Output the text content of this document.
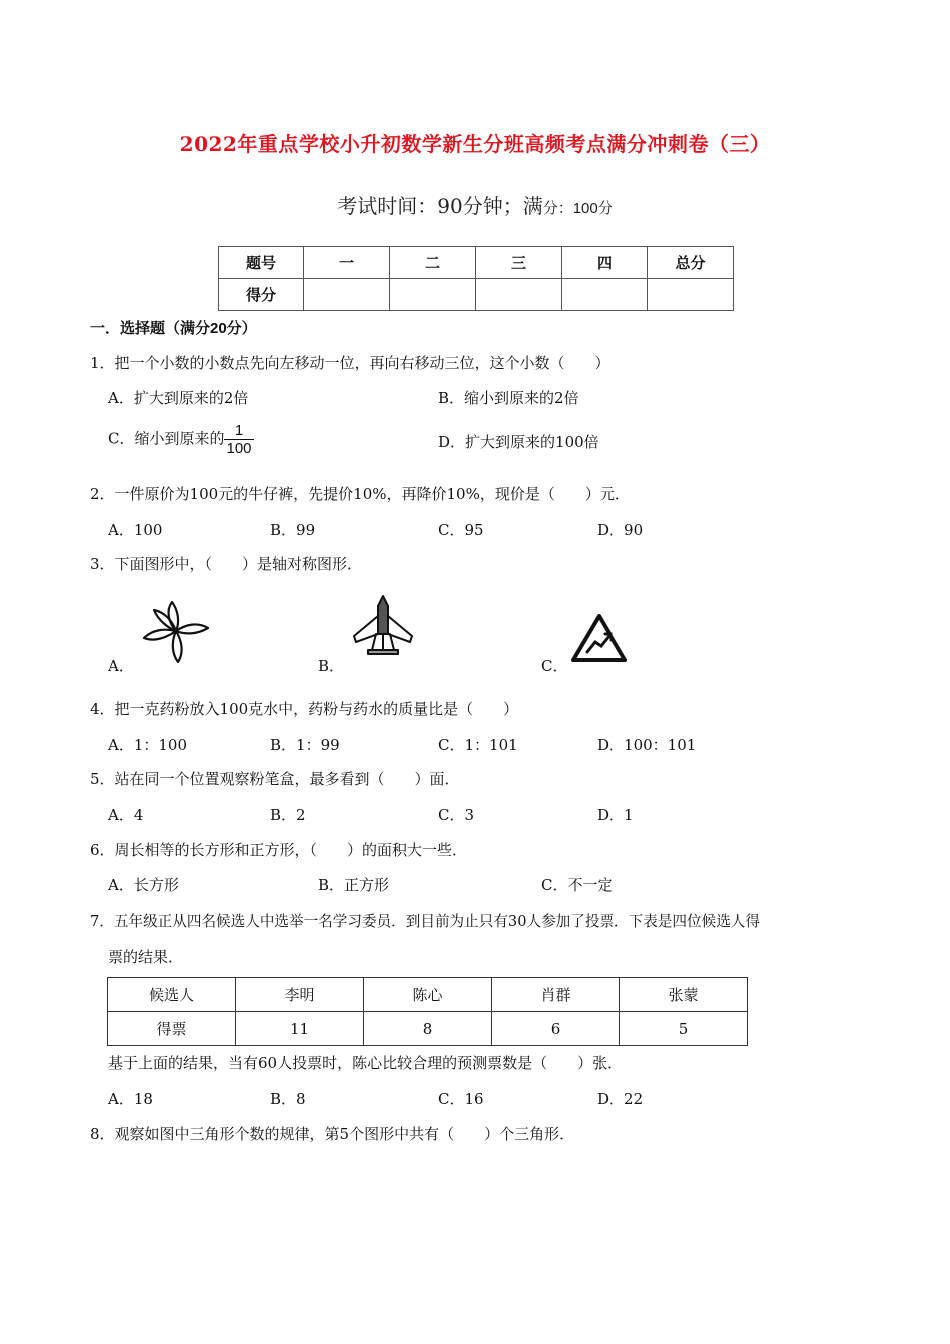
2022年重点学校小升初数学新生分班高频考点满分冲刺卷（三）
考试时间：90分钟；满分：100分
题号	一	二	三	四	总分
得分					
一．选择题（满分20分）
1．把一个小数的小数点先向左移动一位，再向右移动三位，这个小数（　　）
A．扩大到原来的2倍	B．缩小到原来的2倍
C．缩小到原来的 $\frac{1}{100}$	D．扩大到原来的100倍
2．一件原价为100元的牛仔裤，先提价10%，再降价10%，现价是（　　）元．
A．100	B．99	C．95	D．90
3．下面图形中，（　　）是轴对称图形．
A．	B．	C．
4．把一克药粉放入100克水中，药粉与药水的质量比是（　　）
A．1：100	B．1：99	C．1：101	D．100：101
5．站在同一个位置观察粉笔盒，最多看到（　　）面．
A．4	B．2	C．3	D．1
6．周长相等的长方形和正方形，（　　）的面积大一些．
A．长方形	B．正方形	C．不一定
7．五年级正从四名候选人中选举一名学习委员．到目前为止只有30人参加了投票．下表是四位候选人得
票的结果．
候选人	李明	陈心	肖群	张蒙
得票	11	8	6	5
基于上面的结果，当有60人投票时，陈心比较合理的预测票数是（　　）张．
A．18	B．8	C．16	D．22
8．观察如图中三角形个数的规律，第5个图形中共有（　　）个三角形．
